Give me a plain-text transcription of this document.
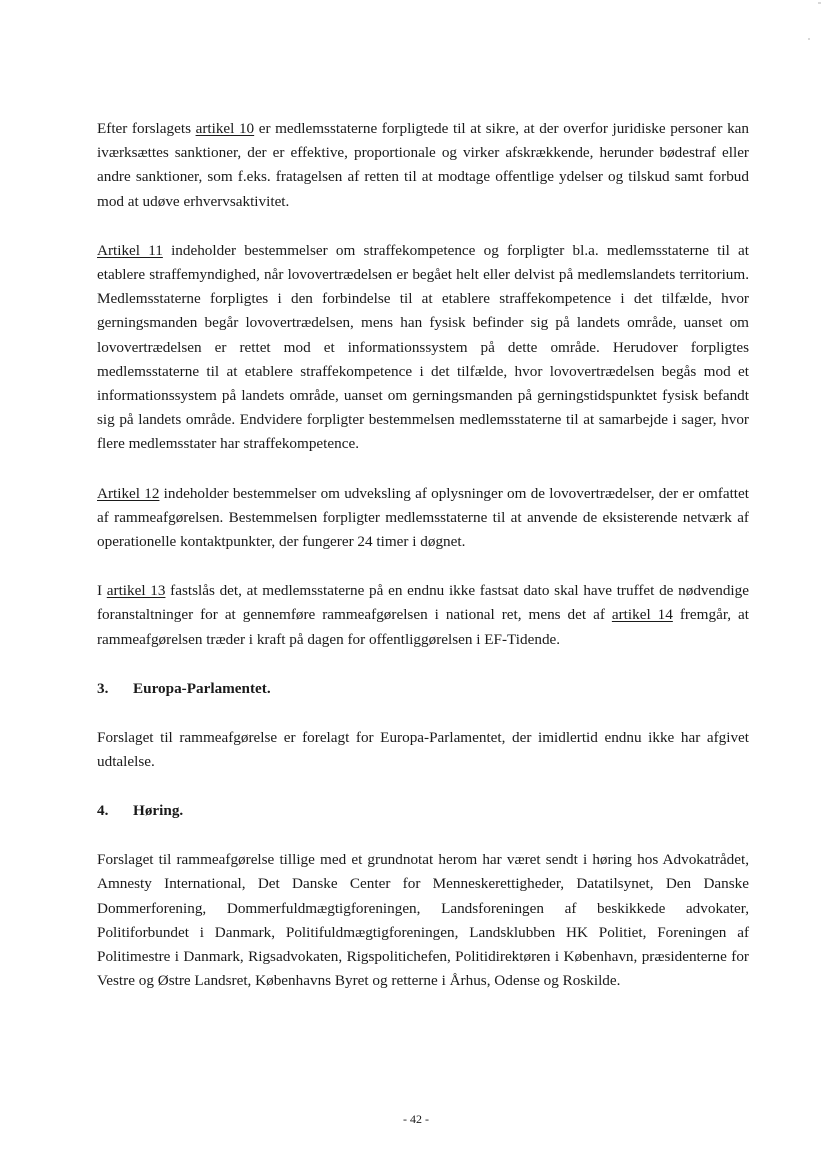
Efter forslagets artikel 10 er medlemsstaterne forpligtede til at sikre, at der overfor juridiske personer kan iværksættes sanktioner, der er effektive, proportionale og virker afskrækkende, herunder bødestraf eller andre sanktioner, som f.eks. fratagelsen af retten til at modtage offentlige ydelser og tilskud samt forbud mod at udøve erhvervsaktivitet.

Artikel 11 indeholder bestemmelser om straffekompetence og forpligter bl.a. medlemsstaterne til at etablere straffemyndighed, når lovovertrædelsen er begået helt eller delvist på medlemslandets territorium. Medlemsstaterne forpligtes i den forbindelse til at etablere straffekompetence i det tilfælde, hvor gerningsmanden begår lovovertrædelsen, mens han fysisk befinder sig på landets område, uanset om lovovertrædelsen er rettet mod et informationssystem på dette område. Herudover forpligtes medlemsstaterne til at etablere straffekompetence i det tilfælde, hvor lovovertrædelsen begås mod et informationssystem på landets område, uanset om gerningsmanden på gerningstidspunktet fysisk befandt sig på landets område. Endvidere forpligter bestemmelsen medlemsstaterne til at samarbejde i sager, hvor flere medlemsstater har straffekompetence.

Artikel 12 indeholder bestemmelser om udveksling af oplysninger om de lovovertrædelser, der er omfattet af rammeafgørelsen. Bestemmelsen forpligter medlemsstaterne til at anvende de eksisterende netværk af operationelle kontaktpunkter, der fungerer 24 timer i døgnet.

I artikel 13 fastslås det, at medlemsstaterne på en endnu ikke fastsat dato skal have truffet de nødvendige foranstaltninger for at gennemføre rammeafgørelsen i national ret, mens det af artikel 14 fremgår, at rammeafgørelsen træder i kraft på dagen for offentliggørelsen i EF-Tidende.

3.	Europa-Parlamentet.

Forslaget til rammeafgørelse er forelagt for Europa-Parlamentet, der imidlertid endnu ikke har afgivet udtalelse.

4.	Høring.

Forslaget til rammeafgørelse tillige med et grundnotat herom har været sendt i høring hos Advokatrådet, Amnesty International, Det Danske Center for Menneskerettigheder, Datatilsynet, Den Danske Dommerforening, Dommerfuldmægtigforeningen, Landsforeningen af beskikkede advokater, Politiforbundet i Danmark, Politifuldmægtigforeningen, Landsklubben HK Politiet, Foreningen af Politimestre i Danmark, Rigsadvokaten, Rigspolitichefen, Politidirektøren i København, præsidenterne for Vestre og Østre Landsret, Københavns Byret og retterne i Århus, Odense og Roskilde.

- 42 -
